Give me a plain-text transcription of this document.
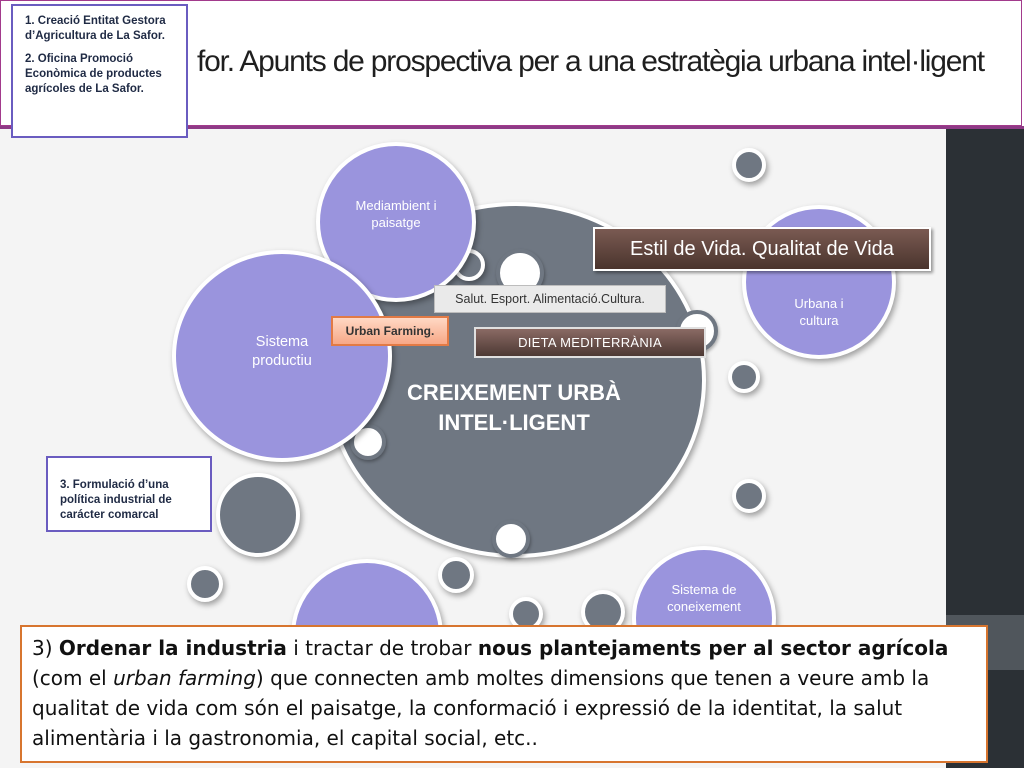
for. Apunts de prospectiva per a una estratègia urbana intel·ligent
Mediambient i paisatge
Sistema productiu
Urbana i cultura
Sistema de coneixement
CREIXEMENT URBÀ INTEL·LIGENT
Estil de Vida. Qualitat de Vida
Salut. Esport. Alimentació.Cultura.
Urban Farming.
DIETA MEDITERRÀNIA

1. Creació Entitat Gestora d’Agricultura de La Safor.

2. Oficina Promoció Econòmica de productes agrícoles de La Safor.

3. Formulació d’una política industrial de carácter comarcal
3) Ordenar la industria i tractar de trobar nous plantejaments per al sector agrícola (com el urban farming) que connecten amb moltes dimensions que tenen a veure amb la qualitat de vida com són el paisatge, la conformació i expressió de la identitat, la salut alimentària i la gastronomia, el capital social, etc..
